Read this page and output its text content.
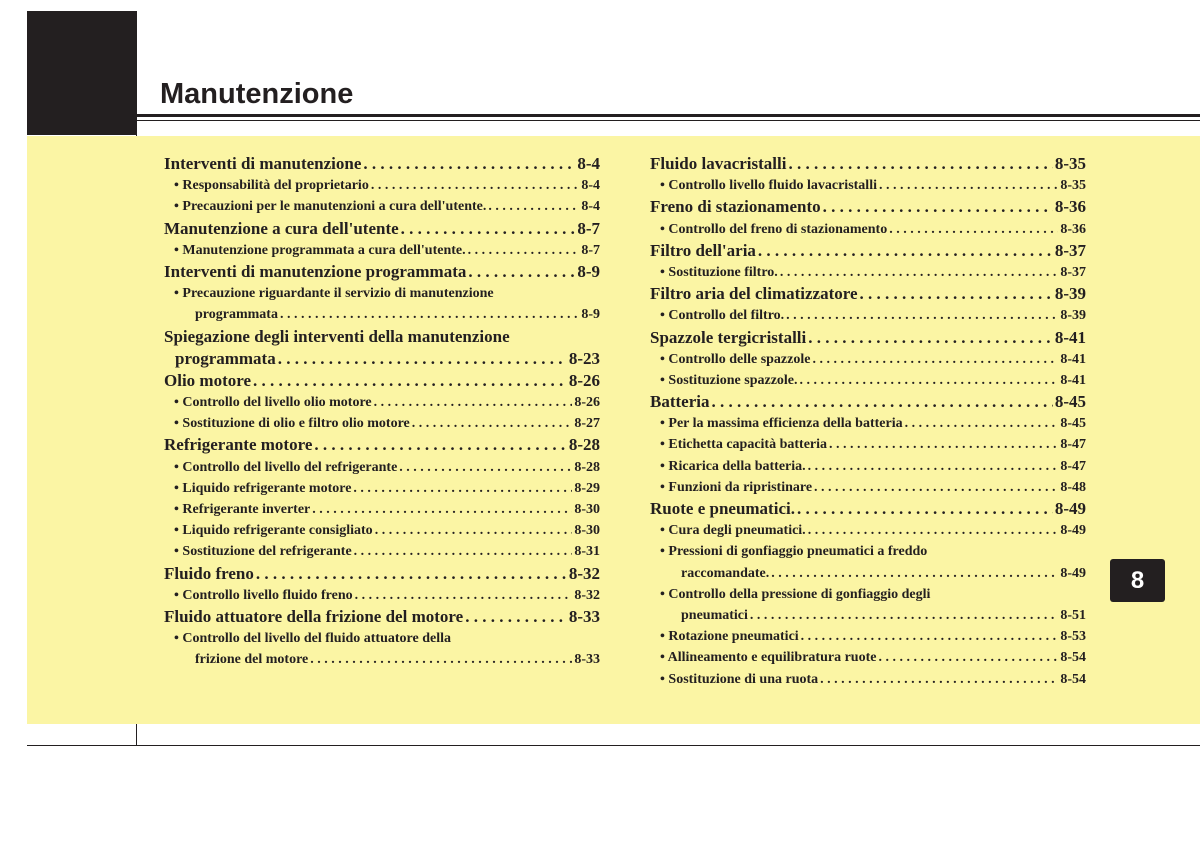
Manutenzione
8
Interventi di manutenzione . . .	8-4
• Responsabilità del proprietario . . .	8-4
• Precauzioni per le manutenzioni a cura dell'utente. . . .	8-4
Manutenzione a cura dell'utente . . .	8-7
• Manutenzione programmata a cura dell'utente. . . .	8-7
Interventi di manutenzione programmata . . .	8-9
• Precauzione riguardante il servizio di manutenzione
programmata . . .	8-9
Spiegazione degli interventi della manutenzione
programmata . . .	8-23
Olio motore . . .	8-26
• Controllo del livello olio motore . . .	8-26
• Sostituzione di olio e filtro olio motore . . .	8-27
Refrigerante motore . . .	8-28
• Controllo del livello del refrigerante . . .	8-28
• Liquido refrigerante motore . . .	8-29
• Refrigerante inverter . . .	8-30
• Liquido refrigerante consigliato . . .	8-30
• Sostituzione del refrigerante . . .	8-31
Fluido freno . . .	8-32
• Controllo livello fluido freno . . .	8-32
Fluido attuatore della frizione del motore . . .	8-33
• Controllo del livello del fluido attuatore della
frizione del motore . . .	8-33
Fluido lavacristalli . . .	8-35
• Controllo livello fluido lavacristalli . . .	8-35
Freno di stazionamento . . .	8-36
• Controllo del freno di stazionamento . . .	8-36
Filtro dell'aria . . .	8-37
• Sostituzione filtro. . . .	8-37
Filtro aria del climatizzatore . . .	8-39
• Controllo del filtro. . . .	8-39
Spazzole tergicristalli . . .	8-41
• Controllo delle spazzole . . .	8-41
• Sostituzione spazzole. . . .	8-41
Batteria . . .	8-45
• Per la massima efficienza della batteria . . .	8-45
• Etichetta capacità batteria . . .	8-47
• Ricarica della batteria. . . .	8-47
• Funzioni da ripristinare . . .	8-48
Ruote e pneumatici. . . .	8-49
• Cura degli pneumatici. . . .	8-49
• Pressioni di gonfiaggio pneumatici a freddo
raccomandate. . . .	8-49
• Controllo della pressione di gonfiaggio degli
pneumatici . . .	8-51
• Rotazione pneumatici . . .	8-53
• Allineamento e equilibratura ruote . . .	8-54
• Sostituzione di una ruota . . .	8-54
